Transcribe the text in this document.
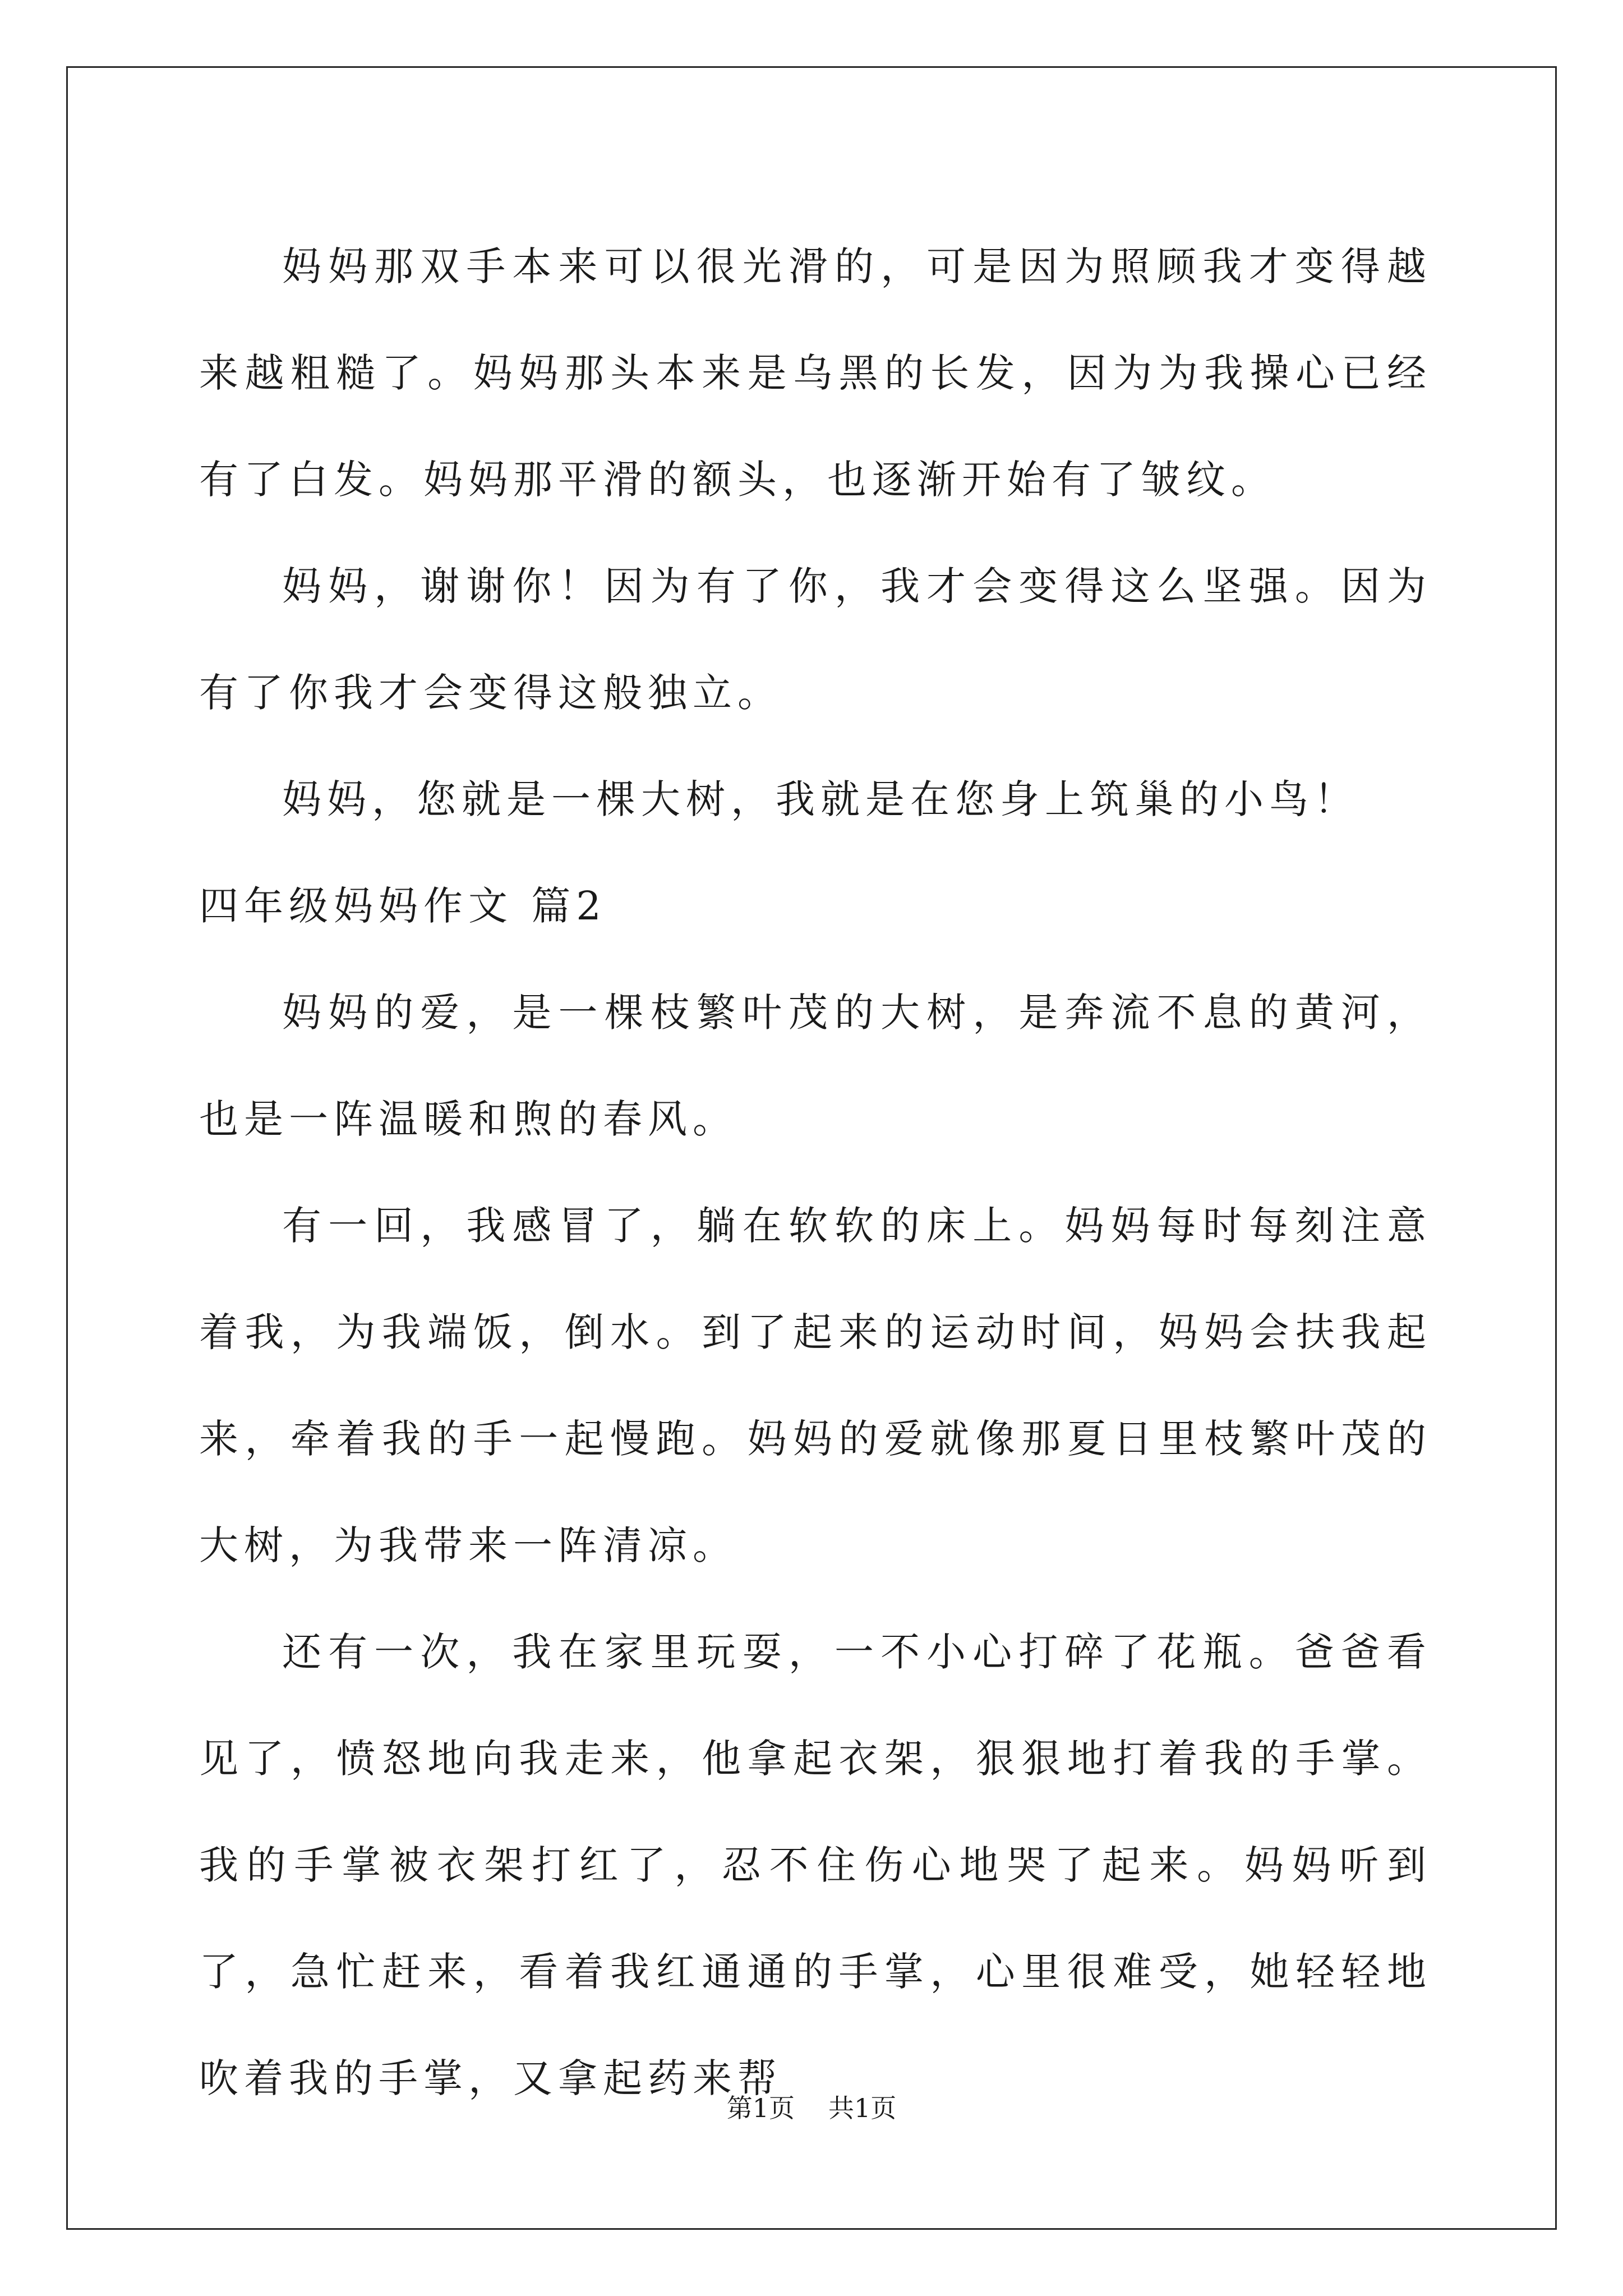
妈妈那双手本来可以很光滑的，可是因为照顾我才变得越来越粗糙了。妈妈那头本来是乌黑的长发，因为为我操心已经有了白发。妈妈那平滑的额头，也逐渐开始有了皱纹。

妈妈，谢谢你！因为有了你，我才会变得这么坚强。因为有了你我才会变得这般独立。

妈妈，您就是一棵大树，我就是在您身上筑巢的小鸟！

四年级妈妈作文 篇2

妈妈的爱，是一棵枝繁叶茂的大树，是奔流不息的黄河，也是一阵温暖和煦的春风。

有一回，我感冒了，躺在软软的床上。妈妈每时每刻注意着我，为我端饭，倒水。到了起来的运动时间，妈妈会扶我起来，牵着我的手一起慢跑。妈妈的爱就像那夏日里枝繁叶茂的大树，为我带来一阵清凉。

还有一次，我在家里玩耍，一不小心打碎了花瓶。爸爸看见了，愤怒地向我走来，他拿起衣架，狠狠地打着我的手掌。我的手掌被衣架打红了，忍不住伤心地哭了起来。妈妈听到了，急忙赶来，看着我红通通的手掌，心里很难受，她轻轻地吹着我的手掌，又拿起药来帮

第1页 共1页
